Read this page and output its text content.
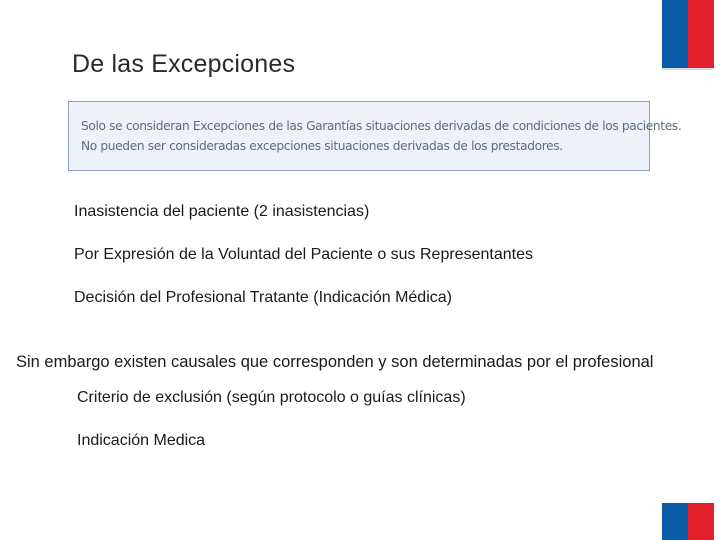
De las Excepciones
Solo se consideran Excepciones de las Garantías situaciones derivadas de condiciones de los pacientes.
No pueden ser consideradas excepciones situaciones derivadas de los prestadores.
Inasistencia del paciente (2 inasistencias)
Por Expresión de la Voluntad del Paciente o sus Representantes
Decisión del Profesional Tratante (Indicación Médica)
Sin embargo existen causales que corresponden y son determinadas por el profesional
Criterio de exclusión (según protocolo o guías clínicas)
Indicación Medica
